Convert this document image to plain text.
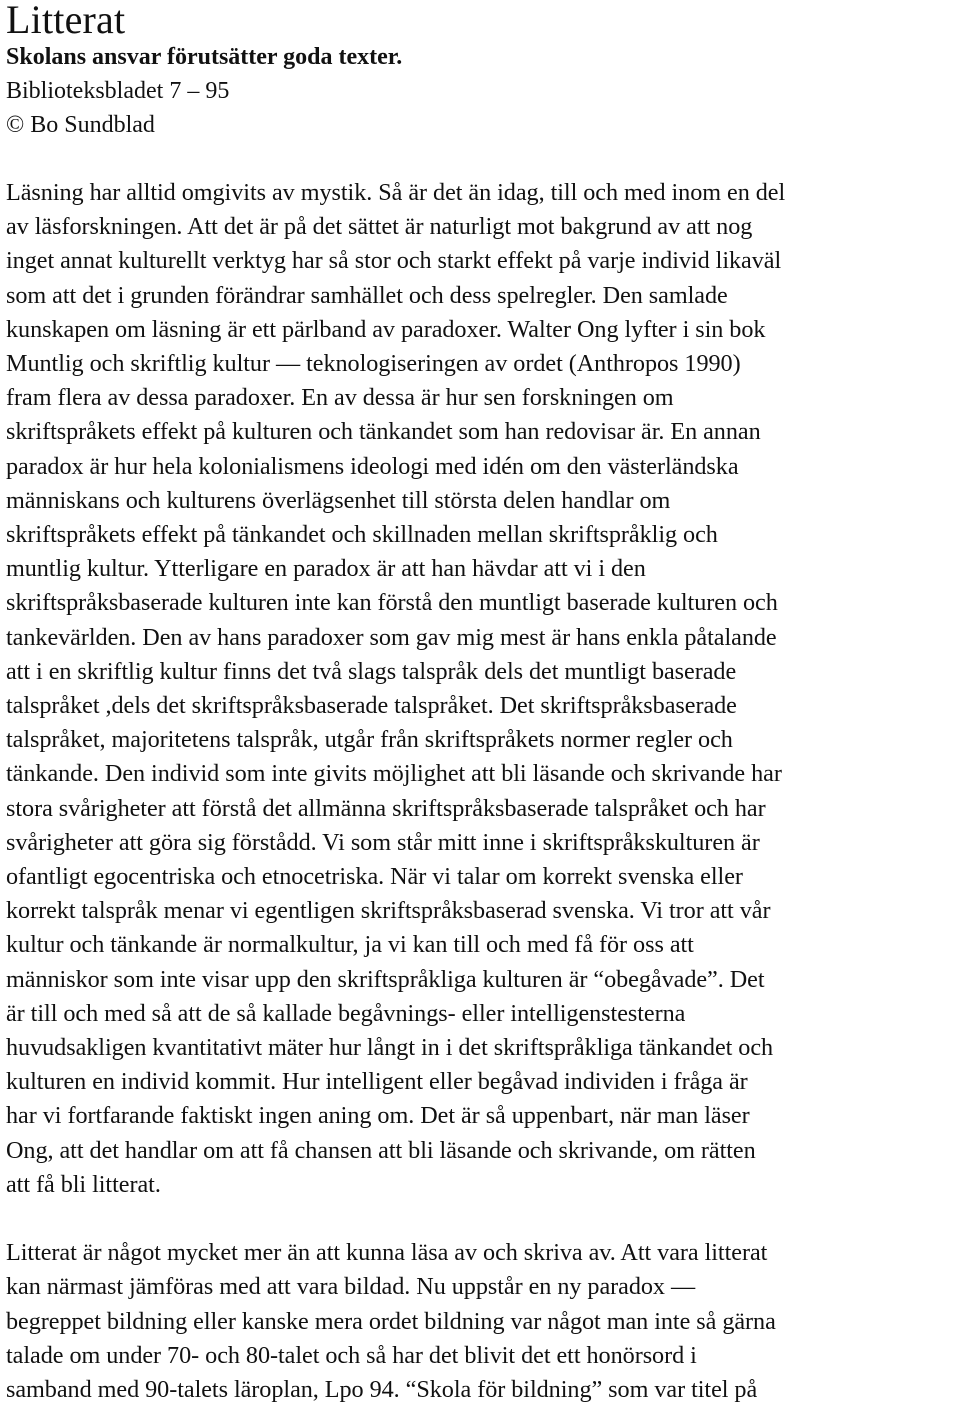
Litterat

Skolans ansvar förutsätter goda texter.

Biblioteksbladet 7 – 95

© Bo Sundblad

Läsning har alltid omgivits av mystik. Så är det än idag, till och med inom en del
av läsforskningen. Att det är på det sättet är naturligt mot bakgrund av att nog
inget annat kulturellt verktyg har så stor och starkt effekt på varje individ likaväl
som att det i grunden förändrar samhället och dess spelregler. Den samlade
kunskapen om läsning är ett pärlband av paradoxer. Walter Ong lyfter i sin bok
Muntlig och skriftlig kultur — teknologiseringen av ordet (Anthropos 1990)
fram flera av dessa paradoxer. En av dessa är hur sen forskningen om
skriftspråkets effekt på kulturen och tänkandet som han redovisar är. En annan
paradox är hur hela kolonialismens ideologi med idén om den västerländska
människans och kulturens överlägsenhet till största delen handlar om
skriftspråkets effekt på tänkandet och skillnaden mellan skriftspråklig och
muntlig kultur. Ytterligare en paradox är att han hävdar att vi i den
skriftspråksbaserade kulturen inte kan förstå den muntligt baserade kulturen och
tankevärlden. Den av hans paradoxer som gav mig mest är hans enkla påtalande
att i en skriftlig kultur finns det två slags talspråk dels det muntligt baserade
talspråket ,dels det skriftspråksbaserade talspråket. Det skriftspråksbaserade
talspråket, majoritetens talspråk, utgår från skriftspråkets normer regler och
tänkande. Den individ som inte givits möjlighet att bli läsande och skrivande har
stora svårigheter att förstå det allmänna skriftspråksbaserade talspråket och har
svårigheter att göra sig förstådd. Vi som står mitt inne i skriftspråkskulturen är
ofantligt egocentriska och etnocetriska. När vi talar om korrekt svenska eller
korrekt talspråk menar vi egentligen skriftspråksbaserad svenska. Vi tror att vår
kultur och tänkande är normalkultur, ja vi kan till och med få för oss att
människor som inte visar upp den skriftspråkliga kulturen är “obegåvade”. Det
är till och med så att de så kallade begåvnings- eller intelligenstesterna
huvudsakligen kvantitativt mäter hur långt in i det skriftspråkliga tänkandet och
kulturen en individ kommit. Hur intelligent eller begåvad individen i fråga är
har vi fortfarande faktiskt ingen aning om. Det är så uppenbart, när man läser
Ong, att det handlar om att få chansen att bli läsande och skrivande, om rätten
att få bli litterat.

Litterat är något mycket mer än att kunna läsa av och skriva av. Att vara litterat
kan närmast jämföras med att vara bildad. Nu uppstår en ny paradox —
begreppet bildning eller kanske mera ordet bildning var något man inte så gärna
talade om under 70- och 80-talet och så har det blivit det ett honörsord i
samband med 90-talets läroplan, Lpo 94. “Skola för bildning” som var titel på
